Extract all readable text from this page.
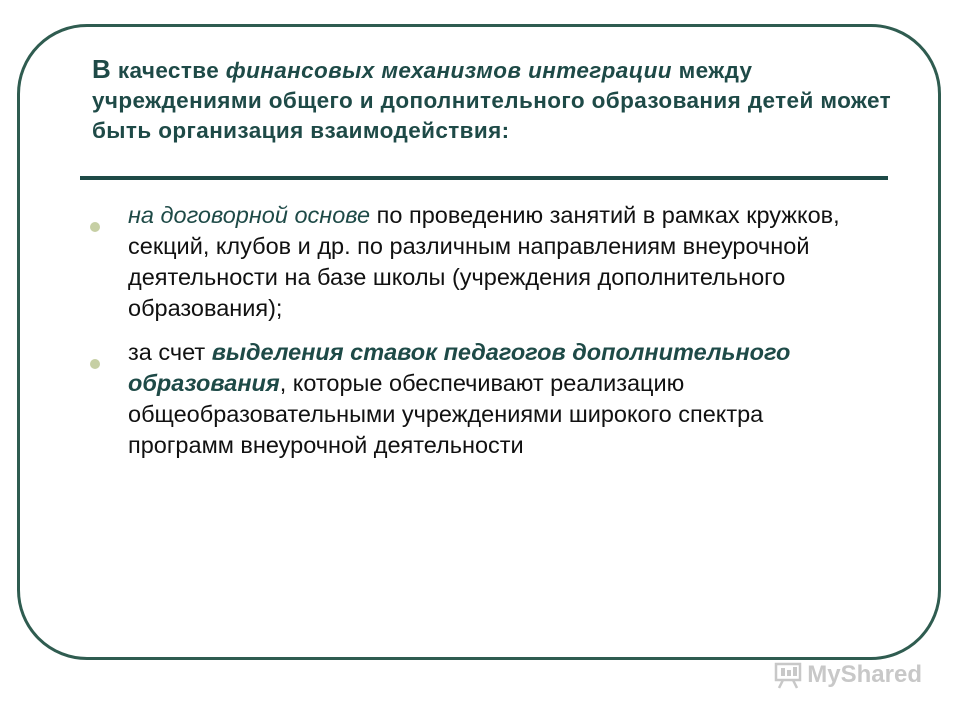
В качестве финансовых механизмов интеграции между учреждениями общего и дополнительного образования детей может быть организация взаимодействия:
на договорной основе по проведению занятий в рамках кружков, секций, клубов и др. по различным направлениям внеурочной деятельности на базе школы (учреждения дополнительного образования);
за счет выделения ставок педагогов дополнительного образования, которые обеспечивают реализацию общеобразовательными учреждениями широкого спектра программ внеурочной деятельности
MyShared
